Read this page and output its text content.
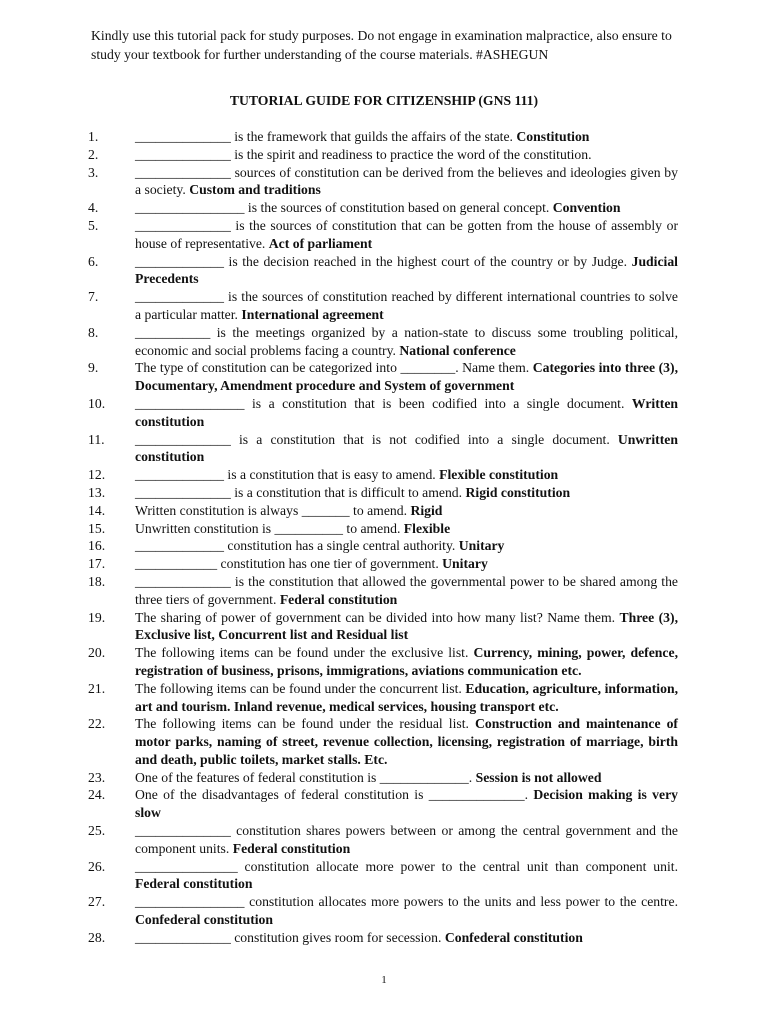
Kindly use this tutorial pack for study purposes. Do not engage in examination malpractice, also ensure to study your textbook for further understanding of the course materials. #ASHEGUN
TUTORIAL GUIDE FOR CITIZENSHIP (GNS 111)
1.	______________ is the framework that guilds the affairs of the state. Constitution
2.	______________ is the spirit and readiness to practice the word of the constitution.
3.	______________ sources of constitution can be derived from the believes and ideologies given by a society. Custom and traditions
4.	________________ is the sources of constitution based on general concept. Convention
5.	______________ is the sources of constitution that can be gotten from the house of assembly or house of representative. Act of parliament
6.	_____________ is the decision reached in the highest court of the country or by Judge. Judicial Precedents
7.	_____________ is the sources of constitution reached by different international countries to solve a particular matter. International agreement
8.	___________ is the meetings organized by a nation-state to discuss some troubling political, economic and social problems facing a country. National conference
9.	The type of constitution can be categorized into ________. Name them. Categories into three (3), Documentary, Amendment procedure and System of government
10.	________________ is a constitution that is been codified into a single document. Written constitution
11.	______________ is a constitution that is not codified into a single document. Unwritten constitution
12.	_____________ is a constitution that is easy to amend. Flexible constitution
13.	______________ is a constitution that is difficult to amend. Rigid constitution
14.	Written constitution is always _______ to amend. Rigid
15.	Unwritten constitution is __________ to amend. Flexible
16.	_____________ constitution has a single central authority. Unitary
17.	____________ constitution has one tier of government. Unitary
18.	______________ is the constitution that allowed the governmental power to be shared among the three tiers of government. Federal constitution
19.	The sharing of power of government can be divided into how many list? Name them. Three (3), Exclusive list, Concurrent list and Residual list
20.	The following items can be found under the exclusive list. Currency, mining, power, defence, registration of business, prisons, immigrations, aviations communication etc.
21.	The following items can be found under the concurrent list. Education, agriculture, information, art and tourism. Inland revenue, medical services, housing transport etc.
22.	The following items can be found under the residual list. Construction and maintenance of motor parks, naming of street, revenue collection, licensing, registration of marriage, birth and death, public toilets, market stalls. Etc.
23.	One of the features of federal constitution is _____________. Session is not allowed
24.	One of the disadvantages of federal constitution is ______________. Decision making is very slow
25.	______________ constitution shares powers between or among the central government and the component units. Federal constitution
26.	_______________ constitution allocate more power to the central unit than component unit. Federal constitution
27.	________________ constitution allocates more powers to the units and less power to the centre. Confederal constitution
28.	______________ constitution gives room for secession. Confederal constitution
1
